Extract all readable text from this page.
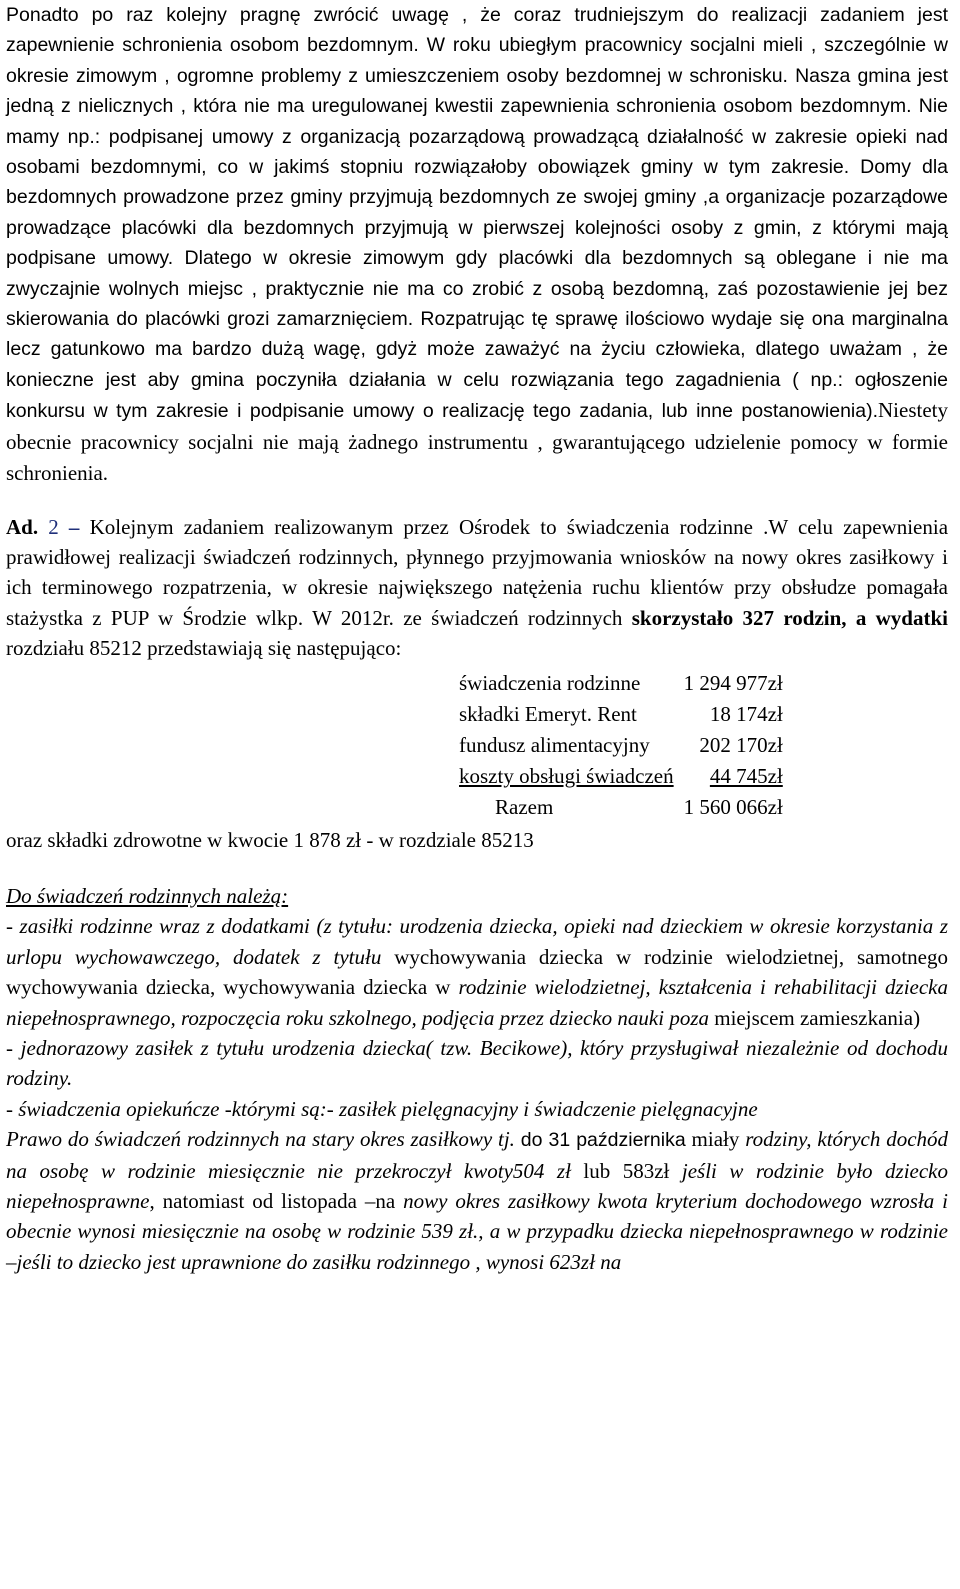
Ponadto po raz kolejny pragnę zwrócić uwagę , że coraz trudniejszym do realizacji zadaniem jest zapewnienie schronienia osobom bezdomnym. W roku ubiegłym pracownicy socjalni mieli , szczególnie w okresie zimowym , ogromne problemy z umieszczeniem osoby bezdomnej w schronisku. Nasza gmina jest jedną z nielicznych , która nie ma uregulowanej kwestii zapewnienia schronienia osobom bezdomnym. Nie mamy np.: podpisanej umowy z organizacją pozarządową prowadzącą działalność w zakresie opieki nad osobami bezdomnymi, co w jakimś stopniu rozwiązałoby obowiązek gminy w tym zakresie. Domy dla bezdomnych prowadzone przez gminy przyjmują bezdomnych ze swojej gminy ,a organizacje pozarządowe prowadzące placówki dla bezdomnych przyjmują w pierwszej kolejności osoby z gmin, z którymi mają podpisane umowy. Dlatego w okresie zimowym gdy placówki dla bezdomnych są oblegane i nie ma zwyczajnie wolnych miejsc , praktycznie nie ma co zrobić z osobą bezdomną, zaś pozostawienie jej bez skierowania do placówki grozi zamarznięciem. Rozpatrując tę sprawę ilościowo wydaje się ona marginalna lecz gatunkowo ma bardzo dużą wagę, gdyż może zaważyć na życiu człowieka, dlatego uważam , że konieczne jest aby gmina poczyniła działania w celu rozwiązania tego zagadnienia ( np.: ogłoszenie konkursu w tym zakresie i podpisanie umowy o realizację tego zadania, lub inne postanowienia).Niestety obecnie pracownicy socjalni nie mają żadnego instrumentu , gwarantującego udzielenie pomocy w formie schronienia.

Ad. 2 – Kolejnym zadaniem realizowanym przez Ośrodek to świadczenia rodzinne .W celu zapewnienia prawidłowej realizacji świadczeń rodzinnych, płynnego przyjmowania wniosków na nowy okres zasiłkowy i ich terminowego rozpatrzenia, w okresie największego natężenia ruchu klientów przy obsłudze pomagała stażystka z PUP w Środzie wlkp. W 2012r. ze świadczeń rodzinnych skorzystało 327 rodzin, a wydatki rozdziału 85212 przedstawiają się następująco:

świadczenia rodzinne	1 294 977zł
składki Emeryt. Rent	18 174zł
fundusz alimentacyjny	202 170zł
koszty obsługi świadczeń	44 745zł
Razem	1 560 066zł
oraz składki zdrowotne w kwocie 1 878 zł - w rozdziale 85213

Do świadczeń rodzinnych należą:
- zasiłki rodzinne wraz z dodatkami (z tytułu: urodzenia dziecka, opieki nad dzieckiem w okresie korzystania z urlopu wychowawczego, dodatek z tytułu wychowywania dziecka w rodzinie wielodzietnej, samotnego wychowywania dziecka, wychowywania dziecka w rodzinie wielodzietnej, kształcenia i rehabilitacji dziecka niepełnosprawnego, rozpoczęcia roku szkolnego, podjęcia przez dziecko nauki poza miejscem zamieszkania)
- jednorazowy zasiłek z tytułu urodzenia dziecka( tzw. Becikowe), który przysługiwał niezależnie od dochodu rodziny.
- świadczenia opiekuńcze -którymi są:- zasiłek pielęgnacyjny i świadczenie pielęgnacyjne
Prawo do świadczeń rodzinnych na stary okres zasiłkowy tj. do 31 października miały rodziny, których dochód na osobę w rodzinie miesięcznie nie przekroczył kwoty504 zł lub 583zł jeśli w rodzinie było dziecko niepełnosprawne, natomiast od listopada –na nowy okres zasiłkowy kwota kryterium dochodowego wzrosła i obecnie wynosi miesięcznie na osobę w rodzinie 539 zł., a w przypadku dziecka niepełnosprawnego w rodzinie –jeśli to dziecko jest uprawnione do zasiłku rodzinnego , wynosi 623zł na
